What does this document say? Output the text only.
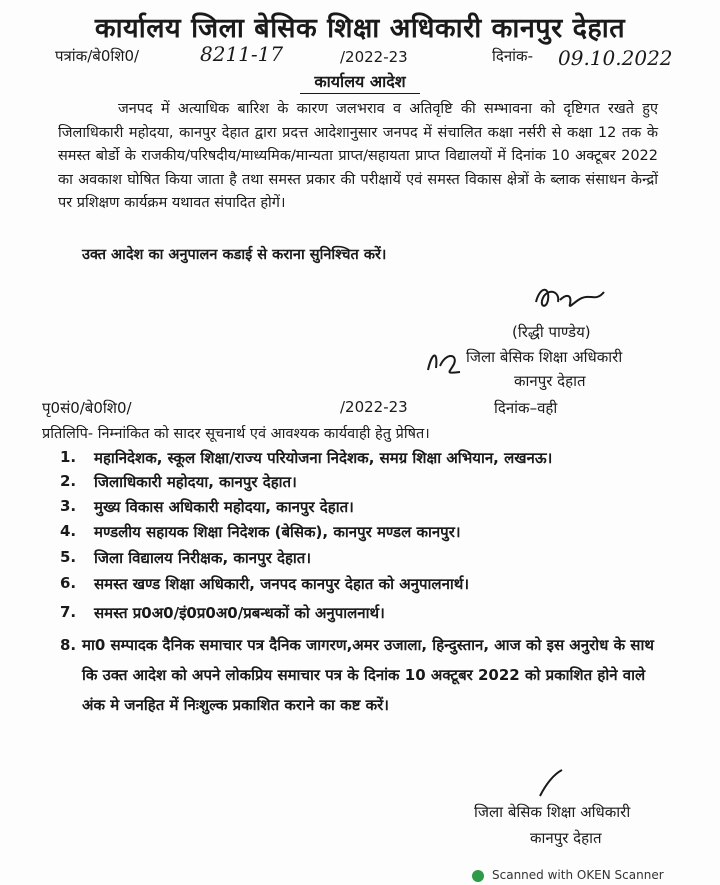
कार्यालय जिला बेसिक शिक्षा अधिकारी कानपुर देहात
पत्रांक/बे0शि0/	8211-17	/2022-23	दिनांक- 09.10.2022
कार्यालय आदेश
जनपद में अत्याधिक बारिश के कारण जलभराव व अतिवृष्टि की सम्भावना को दृष्टिगत रखते हुए जिलाधिकारी महोदया, कानपुर देहात द्वारा प्रदत्त आदेशानुसार जनपद में संचालित कक्षा नर्सरी से कक्षा 12 तक के समस्त बोर्डो के राजकीय/परिषदीय/माध्यमिक/मान्यता प्राप्त/सहायता प्राप्त विद्यालयों में दिनांक 10 अक्टूबर 2022 का अवकाश घोषित किया जाता है तथा समस्त प्रकार की परीक्षायें एवं समस्त विकास क्षेत्रों के ब्लाक संसाधन केन्द्रों पर प्रशिक्षण कार्यक्रम यथावत संपादित होगें।
उक्त आदेश का अनुपालन कडाई से कराना सुनिश्चित करें।
(रिद्धी पाण्डेय)
जिला बेसिक शिक्षा अधिकारी
कानपुर देहात
पृ0सं0/बे0शि0/	/2022-23	दिनांक–वही
प्रतिलिपि- निम्नांकित को सादर सूचनार्थ एवं आवश्यक कार्यवाही हेतु प्रेषित।
1.	महानिदेशक, स्कूल शिक्षा/राज्य परियोजना निदेशक, समग्र शिक्षा अभियान, लखनऊ।
2.	जिलाधिकारी महोदया, कानपुर देहात।
3.	मुख्य विकास अधिकारी महोदया, कानपुर देहात।
4.	मण्डलीय सहायक शिक्षा निदेशक (बेसिक), कानपुर मण्डल कानपुर।
5.	जिला विद्यालय निरीक्षक, कानपुर देहात।
6.	समस्त खण्ड शिक्षा अधिकारी, जनपद कानपुर देहात को अनुपालनार्थ।
7.	समस्त प्र0अ0/इं0प्र0अ0/प्रबन्धकों को अनुपालनार्थ।
8. मा0 सम्पादक दैनिक समाचार पत्र दैनिक जागरण,अमर उजाला, हिन्दुस्तान, आज को इस अनुरोध के साथ कि उक्त आदेश को अपने लोकप्रिय समाचार पत्र के दिनांक 10 अक्टूबर 2022 को प्रकाशित होने वाले अंक मे जनहित में निःशुल्क प्रकाशित कराने का कष्ट करें।
जिला बेसिक शिक्षा अधिकारी
कानपुर देहात
Scanned with OKEN Scanner
